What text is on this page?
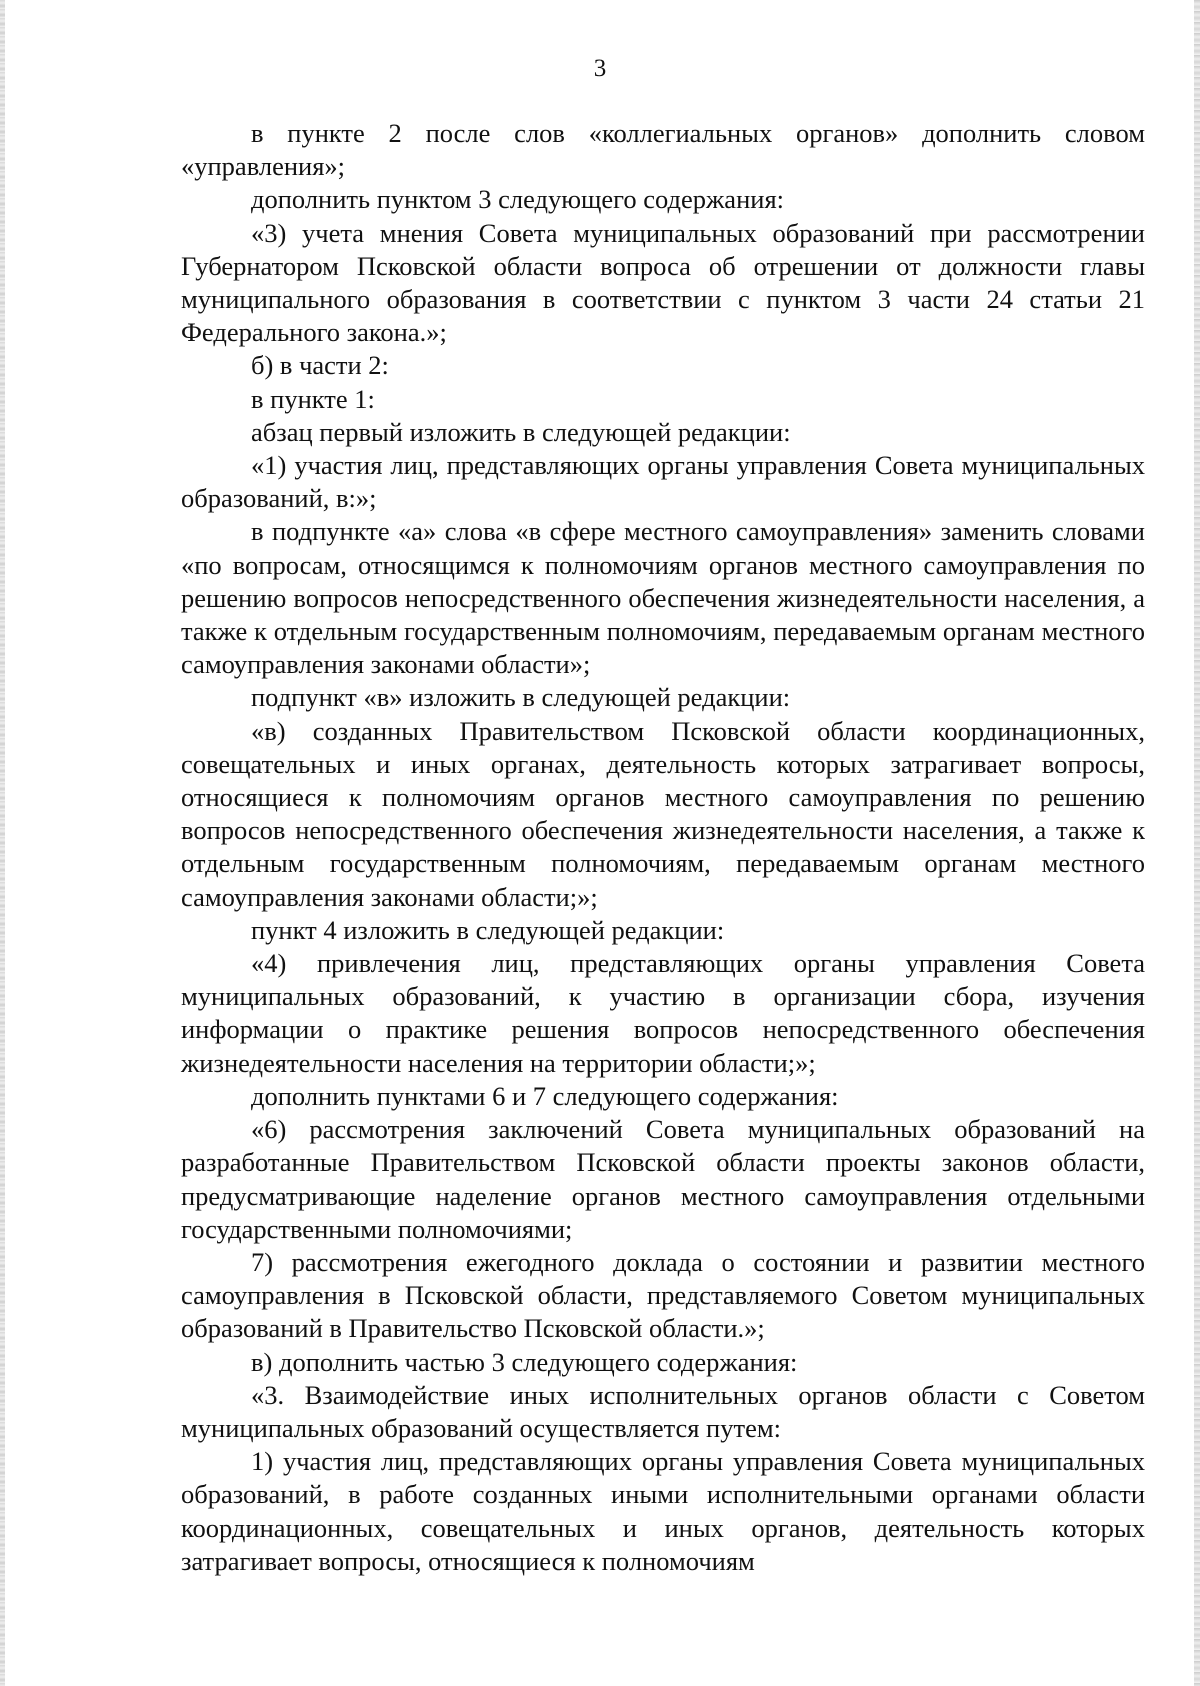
3

в пункте 2 после слов «коллегиальных органов» дополнить словом «управления»;

дополнить пунктом 3 следующего содержания:

«3) учета мнения Совета муниципальных образований при рассмотрении Губернатором Псковской области вопроса об отрешении от должности главы муниципального образования в соответствии с пунктом 3 части 24 статьи 21 Федерального закона.»;

б) в части 2:

в пункте 1:

абзац первый изложить в следующей редакции:

«1) участия лиц, представляющих органы управления Совета муниципальных образований, в:»;

в подпункте «а» слова «в сфере местного самоуправления» заменить словами «по вопросам, относящимся к полномочиям органов местного самоуправления по решению вопросов непосредственного обеспечения жизнедеятельности населения, а также к отдельным государственным полномочиям, передаваемым органам местного самоуправления законами области»;

подпункт «в» изложить в следующей редакции:

«в) созданных Правительством Псковской области координационных, совещательных и иных органах, деятельность которых затрагивает вопросы, относящиеся к полномочиям органов местного самоуправления по решению вопросов непосредственного обеспечения жизнедеятельности населения, а также к отдельным государственным полномочиям, передаваемым органам местного самоуправления законами области;»;

пункт 4 изложить в следующей редакции:

«4) привлечения лиц, представляющих органы управления Совета муниципальных образований, к участию в организации сбора, изучения информации о практике решения вопросов непосредственного обеспечения жизнедеятельности населения на территории области;»;

дополнить пунктами 6 и 7 следующего содержания:

«6) рассмотрения заключений Совета муниципальных образований на разработанные Правительством Псковской области проекты законов области, предусматривающие наделение органов местного самоуправления отдельными государственными полномочиями;

7) рассмотрения ежегодного доклада о состоянии и развитии местного самоуправления в Псковской области, представляемого Советом муниципальных образований в Правительство Псковской области.»;

в) дополнить частью 3 следующего содержания:

«3. Взаимодействие иных исполнительных органов области с Советом муниципальных образований осуществляется путем:

1) участия лиц, представляющих органы управления Совета муниципальных образований, в работе созданных иными исполнительными органами области координационных, совещательных и иных органов, деятельность которых затрагивает вопросы, относящиеся к полномочиям
